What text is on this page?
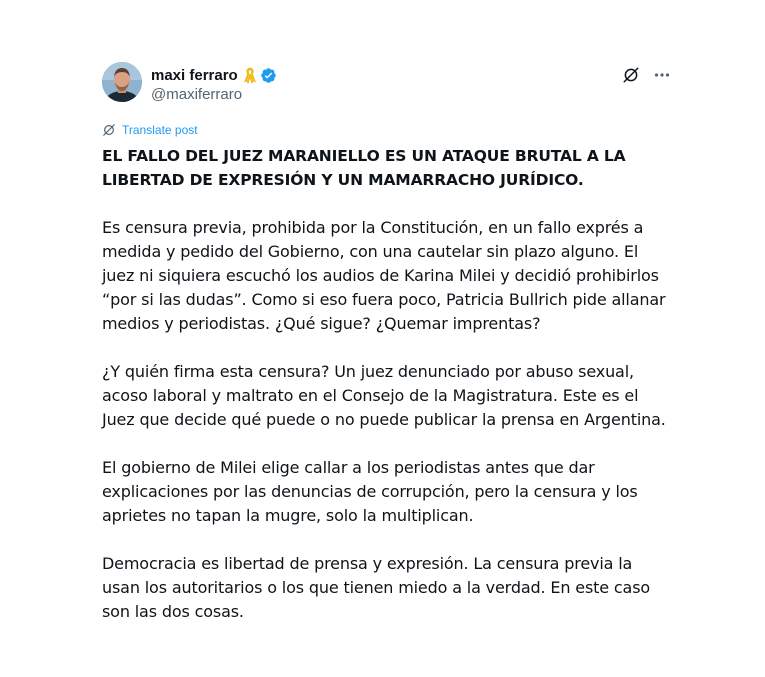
maxi ferraro
@maxiferraro
Translate post

EL FALLO DEL JUEZ MARANIELLO ES UN ATAQUE BRUTAL A LA LIBERTAD DE EXPRESIÓN Y UN MAMARRACHO JURÍDICO.

Es censura previa, prohibida por la Constitución, en un fallo exprés a medida y pedido del Gobierno, con una cautelar sin plazo alguno. El juez ni siquiera escuchó los audios de Karina Milei y decidió prohibirlos “por si las dudas”. Como si eso fuera poco, Patricia Bullrich pide allanar medios y periodistas. ¿Qué sigue? ¿Quemar imprentas?

¿Y quién firma esta censura? Un juez denunciado por abuso sexual, acoso laboral y maltrato en el Consejo de la Magistratura. Este es el Juez que decide qué puede o no puede publicar la prensa en Argentina.

El gobierno de Milei elige callar a los periodistas antes que dar explicaciones por las denuncias de corrupción, pero la censura y los aprietes no tapan la mugre, solo la multiplican.

Democracia es libertad de prensa y expresión. La censura previa la usan los autoritarios o los que tienen miedo a la verdad. En este caso son las dos cosas.
